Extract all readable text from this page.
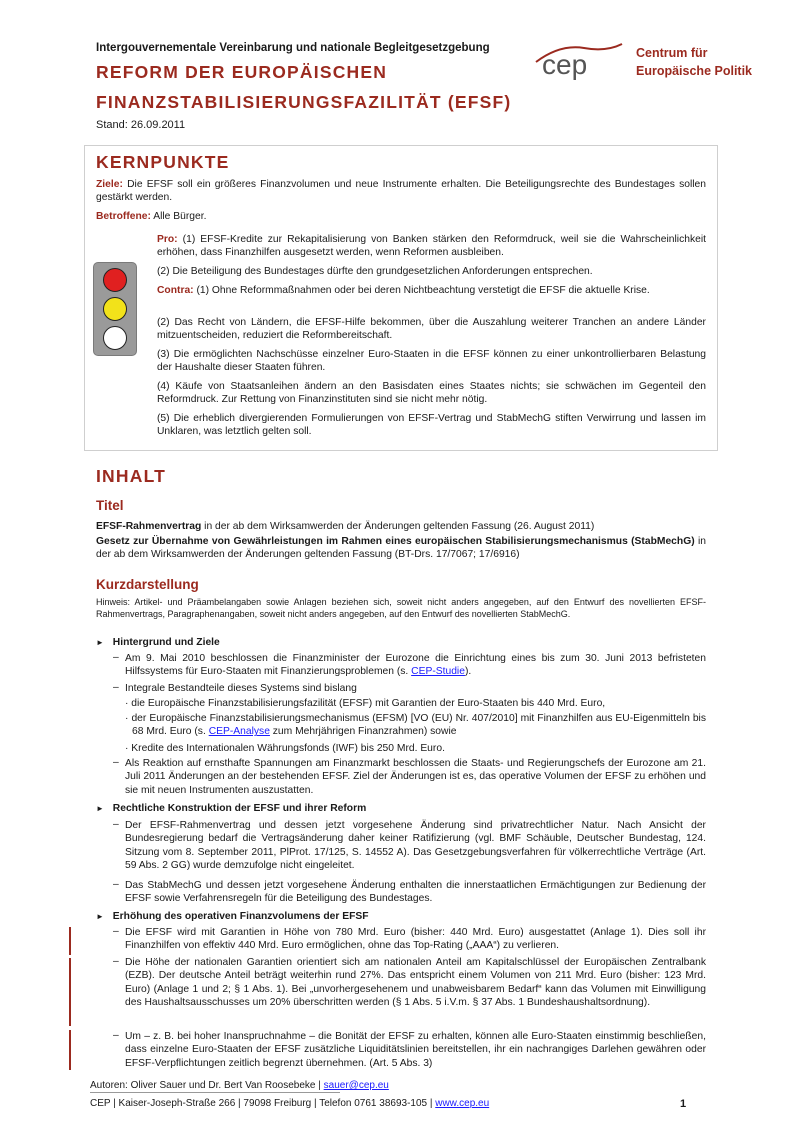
Intergouvernementale Vereinbarung und nationale Begleitgesetzgebung
REFORM DER EUROPÄISCHEN
FINANZSTABILISIERUNGSFAZILITÄT (EFSF)
Stand: 26.09.2011
cep	Centrum für
Europäische Politik
KERNPUNKTE
Ziele: Die EFSF soll ein größeres Finanzvolumen und neue Instrumente erhalten. Die Beteiligungsrechte des Bundestages sollen gestärkt werden.
Betroffene: Alle Bürger.
Pro: (1) EFSF-Kredite zur Rekapitalisierung von Banken stärken den Reformdruck, weil sie die Wahrscheinlichkeit erhöhen, dass Finanzhilfen ausgesetzt werden, wenn Reformen ausbleiben.
(2) Die Beteiligung des Bundestages dürfte den grundgesetzlichen Anforderungen entsprechen.
Contra: (1) Ohne Reformmaßnahmen oder bei deren Nichtbeachtung verstetigt die EFSF die aktuelle Krise.
(2) Das Recht von Ländern, die EFSF-Hilfe bekommen, über die Auszahlung weiterer Tranchen an andere Länder mitzuentscheiden, reduziert die Reformbereitschaft.
(3) Die ermöglichten Nachschüsse einzelner Euro-Staaten in die EFSF können zu einer unkontrollierbaren Belastung der Haushalte dieser Staaten führen.
(4) Käufe von Staatsanleihen ändern an den Basisdaten eines Staates nichts; sie schwächen im Gegenteil den Reformdruck. Zur Rettung von Finanzinstituten sind sie nicht mehr nötig.
(5) Die erheblich divergierenden Formulierungen von EFSF-Vertrag und StabMechG stiften Verwirrung und lassen im Unklaren, was letztlich gelten soll.
INHALT
Titel
EFSF-Rahmenvertrag in der ab dem Wirksamwerden der Änderungen geltenden Fassung (26. August 2011)
Gesetz zur Übernahme von Gewährleistungen im Rahmen eines europäischen Stabilisierungsmechanismus (StabMechG) in der ab dem Wirksamwerden der Änderungen geltenden Fassung (BT-Drs. 17/7067; 17/6916)
Kurzdarstellung
Hinweis: Artikel- und Präambelangaben sowie Anlagen beziehen sich, soweit nicht anders angegeben, auf den Entwurf des novellierten EFSF-Rahmenvertrags, Paragraphenangaben, soweit nicht anders angegeben, auf den Entwurf des novellierten StabMechG.
► Hintergrund und Ziele
– Am 9. Mai 2010 beschlossen die Finanzminister der Eurozone die Einrichtung eines bis zum 30. Juni 2013 befristeten Hilfssystems für Euro-Staaten mit Finanzierungsproblemen (s. CEP-Studie).
– Integrale Bestandteile dieses Systems sind bislang
· die Europäische Finanzstabilisierungsfazilität (EFSF) mit Garantien der Euro-Staaten bis 440 Mrd. Euro,
· der Europäische Finanzstabilisierungsmechanismus (EFSM) [VO (EU) Nr. 407/2010] mit Finanzhilfen aus EU-Eigenmitteln bis 68 Mrd. Euro (s. CEP-Analyse zum Mehrjährigen Finanzrahmen) sowie
· Kredite des Internationalen Währungsfonds (IWF) bis 250 Mrd. Euro.
– Als Reaktion auf ernsthafte Spannungen am Finanzmarkt beschlossen die Staats- und Regierungschefs der Eurozone am 21. Juli 2011 Änderungen an der bestehenden EFSF. Ziel der Änderungen ist es, das operative Volumen der EFSF zu erhöhen und sie mit neuen Instrumenten auszustatten.
► Rechtliche Konstruktion der EFSF und ihrer Reform
– Der EFSF-Rahmenvertrag und dessen jetzt vorgesehene Änderung sind privatrechtlicher Natur. Nach Ansicht der Bundesregierung bedarf die Vertragsänderung daher keiner Ratifizierung (vgl. BMF Schäuble, Deutscher Bundestag, 124. Sitzung vom 8. September 2011, PlProt. 17/125, S. 14552 A). Das Gesetzgebungsverfahren für völkerrechtliche Verträge (Art. 59 Abs. 2 GG) wurde demzufolge nicht eingeleitet.
– Das StabMechG und dessen jetzt vorgesehene Änderung enthalten die innerstaatlichen Ermächtigungen zur Bedienung der EFSF sowie Verfahrensregeln für die Beteiligung des Bundestages.
► Erhöhung des operativen Finanzvolumens der EFSF
– Die EFSF wird mit Garantien in Höhe von 780 Mrd. Euro (bisher: 440 Mrd. Euro) ausgestattet (Anlage 1). Dies soll ihr Finanzhilfen von effektiv 440 Mrd. Euro ermöglichen, ohne das Top-Rating („AAA“) zu verlieren.
– Die Höhe der nationalen Garantien orientiert sich am nationalen Anteil am Kapitalschlüssel der Europäischen Zentralbank (EZB). Der deutsche Anteil beträgt weiterhin rund 27%. Das entspricht einem Volumen von 211 Mrd. Euro (bisher: 123 Mrd. Euro) (Anlage 1 und 2; § 1 Abs. 1). Bei „unvorhergesehenem und unabweisbarem Bedarf“ kann das Volumen mit Einwilligung des Haushaltsausschusses um 20% überschritten werden (§ 1 Abs. 5 i.V.m. § 37 Abs. 1 Bundeshaushaltsordnung).
– Um – z. B. bei hoher Inanspruchnahme – die Bonität der EFSF zu erhalten, können alle Euro-Staaten einstimmig beschließen, dass einzelne Euro-Staaten der EFSF zusätzliche Liquiditätslinien bereitstellen, ihr ein nachrangiges Darlehen gewähren oder EFSF-Verpflichtungen zeitlich begrenzt übernehmen. (Art. 5 Abs. 3)
Autoren: Oliver Sauer und Dr. Bert Van Roosebeke | sauer@cep.eu
CEP | Kaiser-Joseph-Straße 266 | 79098 Freiburg | Telefon 0761 38693-105 | www.cep.eu	1
